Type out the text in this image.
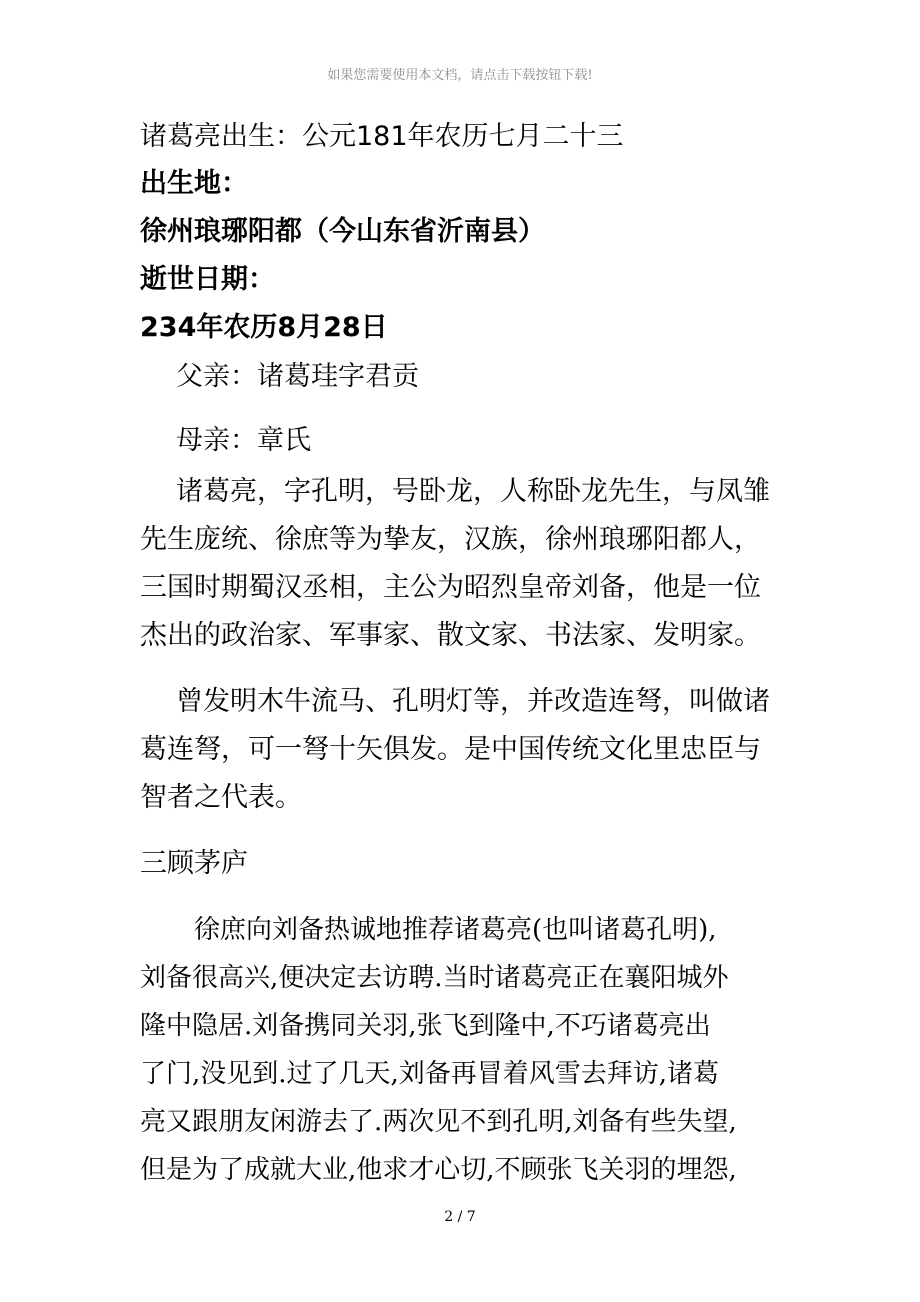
如果您需要使用本文档，请点击下载按钮下载!
诸葛亮出生：公元181年农历七月二十三
出生地：
徐州琅琊阳都（今山东省沂南县）
逝世日期：
234年农历8月28日
父亲：诸葛珪字君贡
母亲：章氏
诸葛亮，字孔明，号卧龙，人称卧龙先生，与凤雏
先生庞统、徐庶等为挚友，汉族，徐州琅琊阳都人，
三国时期蜀汉丞相，主公为昭烈皇帝刘备，他是一位
杰出的政治家、军事家、散文家、书法家、发明家。
曾发明木牛流马、孔明灯等，并改造连弩，叫做诸
葛连弩，可一弩十矢俱发。是中国传统文化里忠臣与
智者之代表。
三顾茅庐
徐庶向刘备热诚地推荐诸葛亮(也叫诸葛孔明),
刘备很高兴,便决定去访聘.当时诸葛亮正在襄阳城外
隆中隐居.刘备携同关羽,张飞到隆中,不巧诸葛亮出
了门,没见到.过了几天,刘备再冒着风雪去拜访,诸葛
亮又跟朋友闲游去了.两次见不到孔明,刘备有些失望,
但是为了成就大业,他求才心切,不顾张飞关羽的埋怨,
2 / 7
